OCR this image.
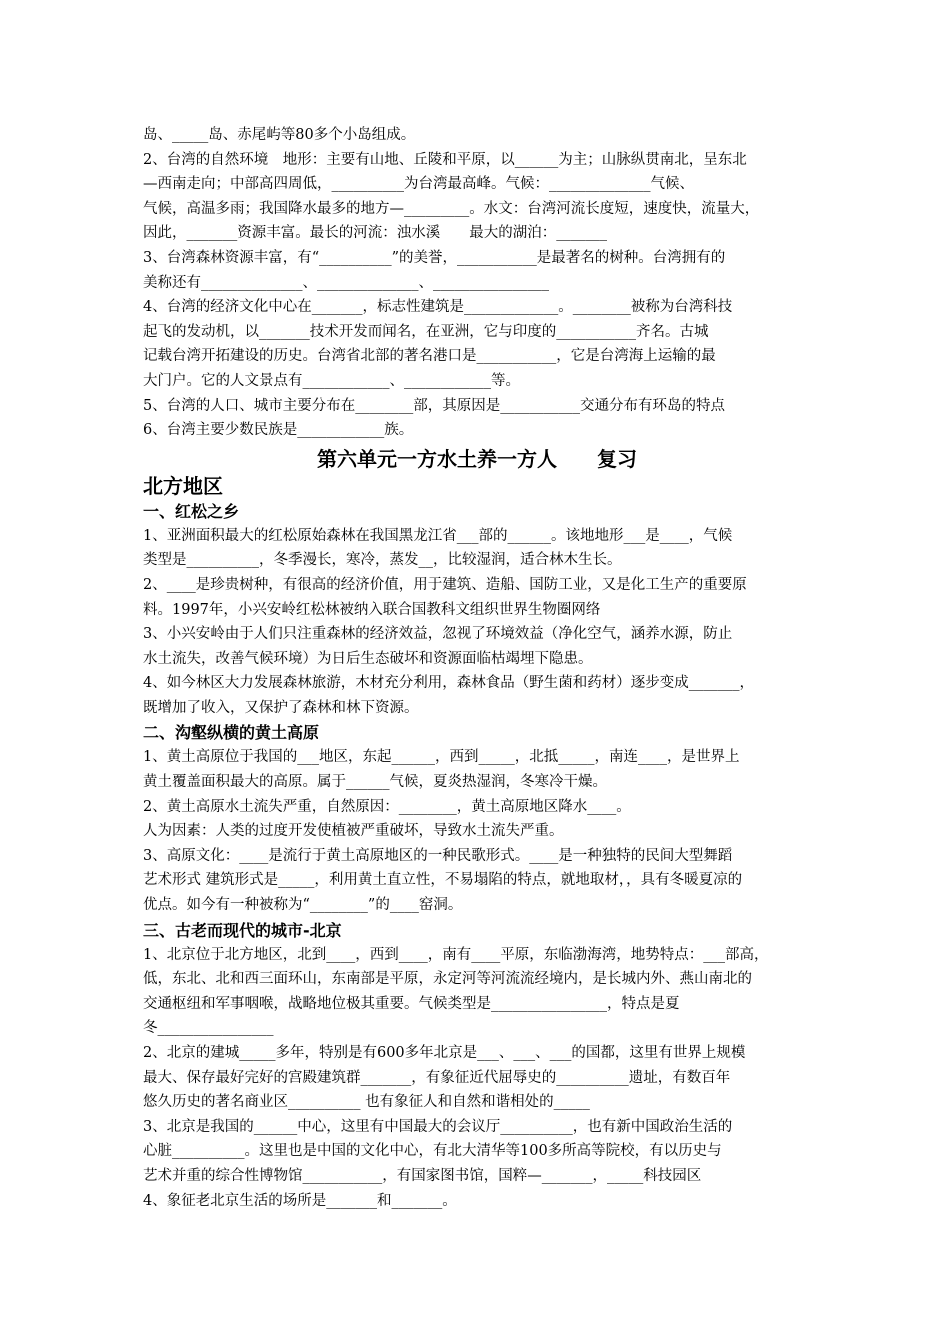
岛、_____岛、赤尾屿等80多个小岛组成。
2、台湾的自然环境　地形：主要有山地、丘陵和平原，以______为主；山脉纵贯南北，呈东北
—西南走向；中部高四周低，__________为台湾最高峰。气候：______________气候、
气候，高温多雨；我国降水最多的地方—_________。水文：台湾河流长度短，速度快，流量大，
因此，_______资源丰富。最长的河流：浊水溪　　最大的湖泊：_______
3、台湾森林资源丰富，有“__________”的美誉，___________是最著名的树种。台湾拥有的
美称还有______________、______________、________________
4、台湾的经济文化中心在_______，标志性建筑是_____________。________被称为台湾科技
起飞的发动机，以_______技术开发而闻名，在亚洲，它与印度的___________齐名。古城
记载台湾开拓建设的历史。台湾省北部的著名港口是___________，它是台湾海上运输的最
大门户。它的人文景点有____________、____________等。
5、台湾的人口、城市主要分布在________部，其原因是___________交通分布有环岛的特点
6、台湾主要少数民族是____________族。
第六单元一方水土养一方人　　复习
北方地区
一、红松之乡
1、亚洲面积最大的红松原始森林在我国黑龙江省___部的______。该地地形___是____，气候
类型是__________，冬季漫长，寒冷，蒸发__，比较湿润，适合林木生长。
2、____是珍贵树种，有很高的经济价值，用于建筑、造船、国防工业，又是化工生产的重要原
料。1997年，小兴安岭红松林被纳入联合国教科文组织世界生物圈网络
3、小兴安岭由于人们只注重森林的经济效益，忽视了环境效益（净化空气，涵养水源，防止
水土流失，改善气候环境）为日后生态破坏和资源面临枯竭埋下隐患。
4、如今林区大力发展森林旅游，木材充分利用，森林食品（野生菌和药材）逐步变成_______，
既增加了收入，又保护了森林和林下资源。
二、沟壑纵横的黄土高原
1、黄土高原位于我国的___地区，东起______，西到_____，北抵_____，南连____，是世界上
黄土覆盖面积最大的高原。属于______气候，夏炎热湿润，冬寒冷干燥。
2、黄土高原水土流失严重，自然原因：________，黄土高原地区降水____。
人为因素：人类的过度开发使植被严重破坏，导致水土流失严重。
3、高原文化：____是流行于黄土高原地区的一种民歌形式。____是一种独特的民间大型舞蹈
艺术形式 建筑形式是_____，利用黄土直立性，不易塌陷的特点，就地取材，，具有冬暖夏凉的
优点。如今有一种被称为“________”的____窑洞。
三、古老而现代的城市-北京
1、北京位于北方地区，北到____，西到____，南有____平原，东临渤海湾，地势特点：___部高，
低，东北、北和西三面环山，东南部是平原，永定河等河流流经境内，是长城内外、燕山南北的
交通枢纽和军事咽喉，战略地位极其重要。气候类型是________________，特点是夏
冬________________
2、北京的建城_____多年，特别是有600多年北京是___、___、___的国都，这里有世界上规模
最大、保存最好完好的宫殿建筑群_______，有象征近代屈辱史的__________遗址，有数百年
悠久历史的著名商业区__________ 也有象征人和自然和谐相处的_____
3、北京是我国的______中心，这里有中国最大的会议厅__________，也有新中国政治生活的
心脏__________。这里也是中国的文化中心，有北大清华等100多所高等院校，有以历史与
艺术并重的综合性博物馆___________，有国家图书馆，国粹—_______，_____科技园区
4、象征老北京生活的场所是_______和_______。
